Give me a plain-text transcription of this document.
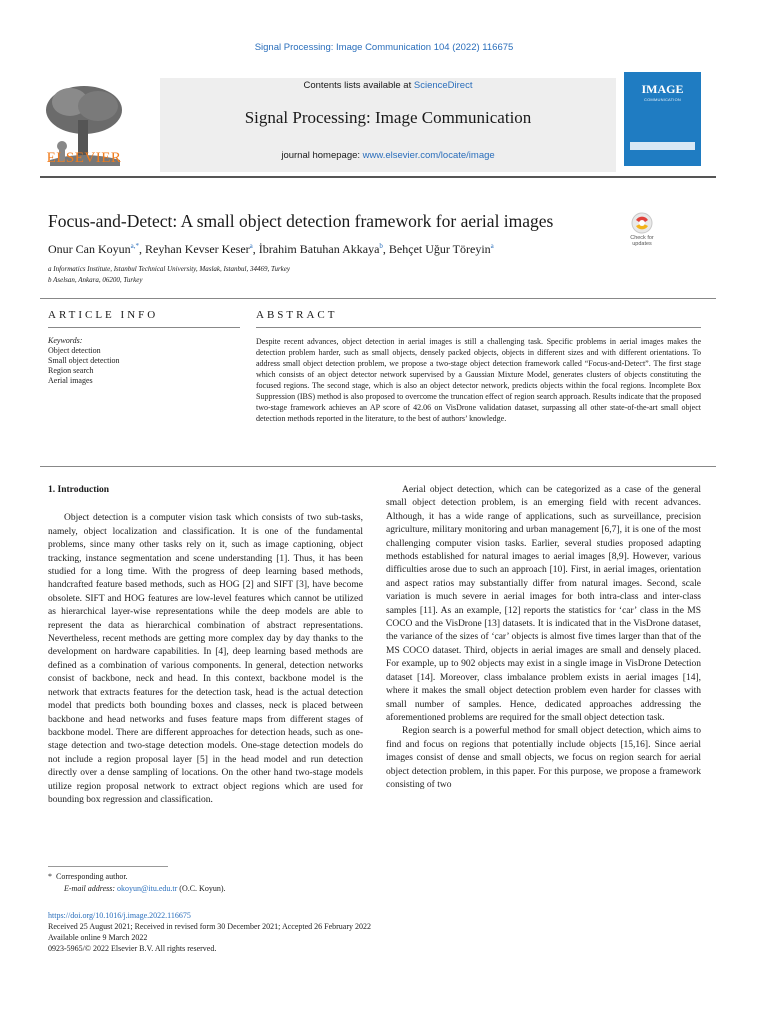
Signal Processing: Image Communication 104 (2022) 116675
ELSEVIER
Contents lists available at ScienceDirect
Signal Processing: Image Communication
journal homepage: www.elsevier.com/locate/image
IMAGE
COMMUNICATION
Focus-and-Detect: A small object detection framework for aerial images
Check for
updates
Onur Can Koyun$^{a,*}$, Reyhan Kevser Keser$^a$, İbrahim Batuhan Akkaya$^b$, Behçet Uğur Töreyin$^a$
a Informatics Institute, Istanbul Technical University, Maslak, Istanbul, 34469, Turkey
b Aselsan, Ankara, 06200, Turkey
ARTICLE INFO	ABSTRACT
Keywords:
Object detection
Small object detection
Region search
Aerial images
Despite recent advances, object detection in aerial images is still a challenging task. Specific problems in aerial images makes the detection problem harder, such as small objects, densely packed objects, objects in different sizes and with different orientations. To address small object detection problem, we propose a two-stage object detection framework called “Focus-and-Detect”. The first stage which consists of an object detector network supervised by a Gaussian Mixture Model, generates clusters of objects constituting the focused regions. The second stage, which is also an object detector network, predicts objects within the focal regions. Incomplete Box Suppression (IBS) method is also proposed to overcome the truncation effect of region search approach. Results indicate that the proposed two-stage framework achieves an AP score of 42.06 on VisDrone validation dataset, surpassing all other state-of-the-art small object detection methods reported in the literature, to the best of authors’ knowledge.

1. Introduction

Object detection is a computer vision task which consists of two sub-tasks, namely, object localization and classification. It is one of the fundamental problems, since many other tasks rely on it, such as image captioning, object tracking, instance segmentation and scene understanding [1]. Thus, it has been studied for a long time. With the progress of deep learning based methods, handcrafted feature based methods, such as HOG [2] and SIFT [3], have become obsolete. SIFT and HOG features are low-level features which cannot be utilized as hierarchical layer-wise representations while the deep models are able to represent the data as hierarchical combination of abstract representations. Nevertheless, recent methods are getting more complex day by day thanks to the development on hardware capabilities. In [4], deep learning based methods are defined as a combination of various components. In general, detection networks consist of backbone, neck and head. In this context, backbone model is the network that extracts features for the detection task, head is the actual detection model that predicts both bounding boxes and classes, neck is placed between backbone and head networks and fuses feature maps from different stages of backbone model. There are different approaches for detection heads, such as one-stage detection and two-stage detection models. One-stage detection models do not include a region proposal layer [5] in the head model and run detection directly over a dense sampling of locations. On the other hand two-stage models utilize region proposal network to extract object regions which are used for bounding box regression and classification.

Aerial object detection, which can be categorized as a case of the general small object detection problem, is an emerging field with recent advances. Although, it has a wide range of applications, such as surveillance, precision agriculture, military monitoring and urban management [6,7], it is one of the most challenging computer vision tasks. Earlier, several studies proposed adapting methods established for natural images to aerial images [8,9]. However, various difficulties arose due to such an approach [10]. First, in aerial images, orientation and aspect ratios may substantially differ from natural images. Second, scale variation is much severe in aerial images for both intra-class and inter-class samples [11]. As an example, [12] reports the statistics for ‘car’ class in the MS COCO and the VisDrone [13] datasets. It is indicated that in the VisDrone dataset, the variance of the sizes of ‘car’ objects is almost five times larger than that of the MS COCO dataset. Third, objects in aerial images are small and densely placed. For example, up to 902 objects may exist in a single image in VisDrone Detection dataset [14]. Moreover, class imbalance problem exists in aerial images [14], where it makes the small object detection problem even harder for classes with small number of samples. Hence, dedicated approaches addressing the aforementioned problems are required for the small object detection task.

Region search is a powerful method for small object detection, which aims to find and focus on regions that potentially include objects [15,16]. Since aerial images consist of dense and small objects, we focus on region search for aerial object detection problem, in this paper. For this purpose, we propose a framework consisting of two

* Corresponding author.
E-mail address: okoyun@itu.edu.tr (O.C. Koyun).
https://doi.org/10.1016/j.image.2022.116675
Received 25 August 2021; Received in revised form 30 December 2021; Accepted 26 February 2022
Available online 9 March 2022
0923-5965/© 2022 Elsevier B.V. All rights reserved.
